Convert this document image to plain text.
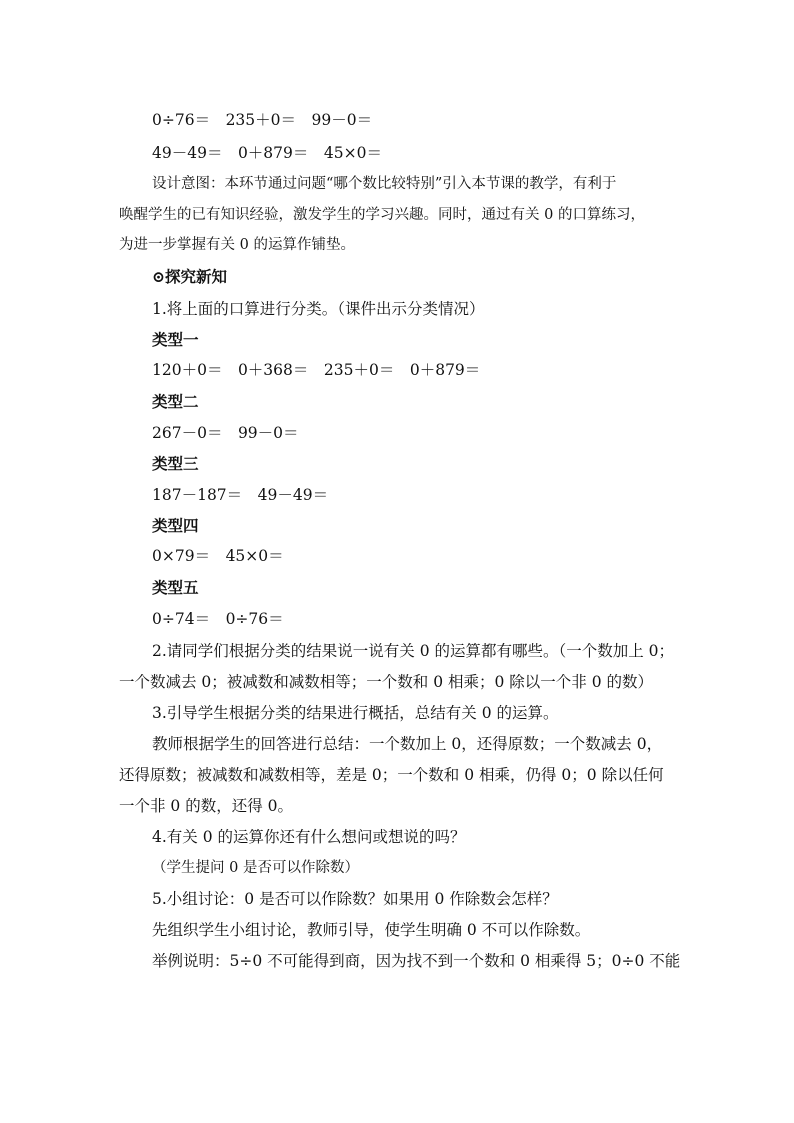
0÷76＝　235＋0＝　99－0＝

49－49＝　0＋879＝　45×0＝

设计意图：本环节通过问题“哪个数比较特别”引入本节课的教学，有利于

唤醒学生的已有知识经验，激发学生的学习兴趣。同时，通过有关 0 的口算练习，

为进一步掌握有关 0 的运算作铺垫。

⊙探究新知

1.将上面的口算进行分类。（课件出示分类情况）

类型一

120＋0＝　0＋368＝　235＋0＝　0＋879＝

类型二

267－0＝　99－0＝

类型三

187－187＝　49－49＝

类型四

0×79＝　45×0＝

类型五

0÷74＝　0÷76＝

2.请同学们根据分类的结果说一说有关 0 的运算都有哪些。（一个数加上 0；

一个数减去 0；被减数和减数相等；一个数和 0 相乘；0 除以一个非 0 的数）

3.引导学生根据分类的结果进行概括，总结有关 0 的运算。

教师根据学生的回答进行总结：一个数加上 0，还得原数；一个数减去 0，

还得原数；被减数和减数相等，差是 0；一个数和 0 相乘，仍得 0；0 除以任何

一个非 0 的数，还得 0。

4.有关 0 的运算你还有什么想问或想说的吗？

（学生提问 0 是否可以作除数）

5.小组讨论：0 是否可以作除数？如果用 0 作除数会怎样？

先组织学生小组讨论，教师引导，使学生明确 0 不可以作除数。

举例说明：5÷0 不可能得到商，因为找不到一个数和 0 相乘得 5；0÷0 不能
